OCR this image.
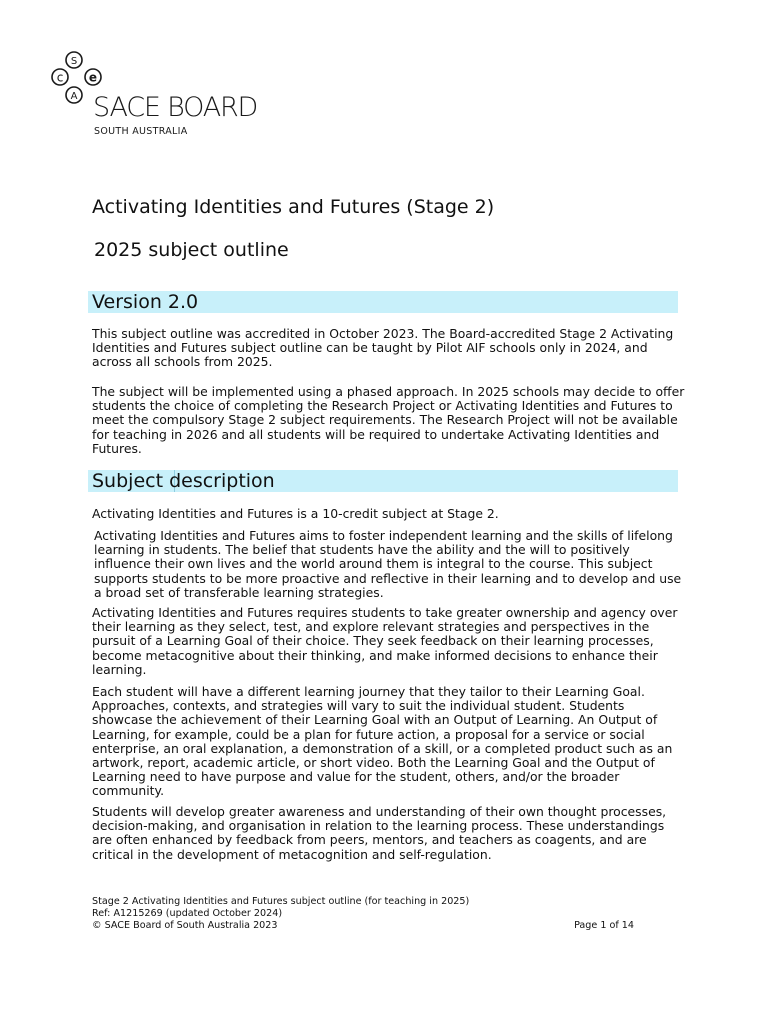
S
c e
A SACE BOARD
SOUTH AUSTRALIA
Activating Identities and Futures (Stage 2)
2025 subject outline
Version 2.0

This subject outline was accredited in October 2023. The Board-accredited Stage 2 Activating Identities and Futures subject outline can be taught by Pilot AIF schools only in 2024, and across all schools from 2025.

The subject will be implemented using a phased approach. In 2025 schools may decide to offer students the choice of completing the Research Project or Activating Identities and Futures to meet the compulsory Stage 2 subject requirements. The Research Project will not be available for teaching in 2026 and all students will be required to undertake Activating Identities and Futures.

Subject description

Activating Identities and Futures is a 10-credit subject at Stage 2.

Activating Identities and Futures aims to foster independent learning and the skills of lifelong learning in students. The belief that students have the ability and the will to positively influence their own lives and the world around them is integral to the course. This subject supports students to be more proactive and reflective in their learning and to develop and use a broad set of transferable learning strategies.

Activating Identities and Futures requires students to take greater ownership and agency over their learning as they select, test, and explore relevant strategies and perspectives in the pursuit of a Learning Goal of their choice. They seek feedback on their learning processes, become metacognitive about their thinking, and make informed decisions to enhance their learning.

Each student will have a different learning journey that they tailor to their Learning Goal. Approaches, contexts, and strategies will vary to suit the individual student. Students showcase the achievement of their Learning Goal with an Output of Learning. An Output of Learning, for example, could be a plan for future action, a proposal for a service or social enterprise, an oral explanation, a demonstration of a skill, or a completed product such as an artwork, report, academic article, or short video. Both the Learning Goal and the Output of Learning need to have purpose and value for the student, others, and/or the broader community.

Students will develop greater awareness and understanding of their own thought processes, decision-making, and organisation in relation to the learning process. These understandings are often enhanced by feedback from peers, mentors, and teachers as coagents, and are critical in the development of metacognition and self-regulation.

Stage 2 Activating Identities and Futures subject outline (for teaching in 2025)
Ref: A1215269 (updated October 2024)
© SACE Board of South Australia 2023	Page 1 of 14
